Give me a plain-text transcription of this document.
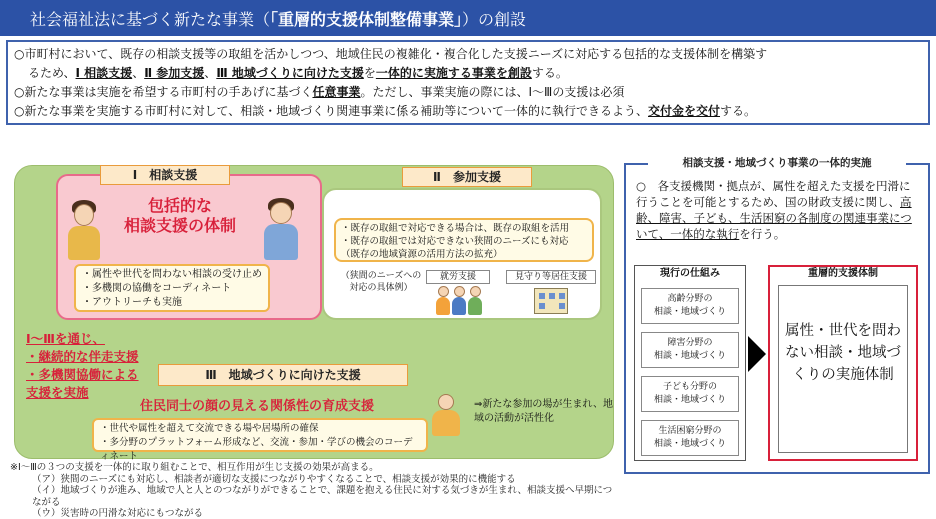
社会福祉法に基づく新たな事業（「重層的支援体制整備事業」）の創設
○市町村において、既存の相談支援等の取組を活かしつつ、地域住民の複雑化・複合化した支援ニーズに対応する包括的な支援体制を構築す
るため、Ⅰ 相談支援、Ⅱ 参加支援、Ⅲ 地域づくりに向けた支援を一体的に実施する事業を創設する。
○新たな事業は実施を希望する市町村の手あげに基づく任意事業。ただし、事業実施の際には、Ⅰ～Ⅲの支援は必須
○新たな事業を実施する市町村に対して、相談・地域づくり関連事業に係る補助等について一体的に執行できるよう、交付金を交付する。
Ⅰ　相談支援
包括的な
相談支援の体制
・属性や世代を問わない相談の受け止め
・多機関の協働をコーディネート
・アウトリーチも実施
Ⅱ　参加支援
・既存の取組で対応できる場合は、既存の取組を活用
・既存の取組では対応できない狭間のニーズにも対応
（既存の地域資源の活用方法の拡充）
（狭間のニーズへの対応の具体例）
就労支援	見守り等居住支援
Ⅰ～Ⅲを通じ、
・継続的な伴走支援
・多機関協働による
支援を実施
Ⅲ　地域づくりに向けた支援
住民同士の顔の見える関係性の育成支援
・世代や属性を超えて交流できる場や居場所の確保
・多分野のプラットフォーム形成など、交流・参加・学びの機会のコーディネート
⇒新たな参加の場が生まれ、地域の活動が活性化
※Ⅰ～Ⅲの３つの支援を一体的に取り組むことで、相互作用が生じ支援の効果が高まる。
（ア）狭間のニーズにも対応し、相談者が適切な支援につながりやすくなることで、相談支援が効果的に機能する
（イ）地域づくりが進み、地域で人と人とのつながりができることで、課題を抱える住民に対する気づきが生まれ、相談支援へ早期につながる
（ウ）災害時の円滑な対応にもつながる
相談支援・地域づくり事業の一体的実施
○　各支援機関・拠点が、属性を超えた支援を円滑に行うことを可能とするため、国の財政支援に関し、高齢、障害、子ども、生活困窮の各制度の関連事業について、一体的な執行を行う。
現行の仕組み
高齢分野の
相談・地域づくり
障害分野の
相談・地域づくり
子ども分野の
相談・地域づくり
生活困窮分野の
相談・地域づくり
重層的支援体制
属性・世代を問わない相談・地域づくりの実施体制
